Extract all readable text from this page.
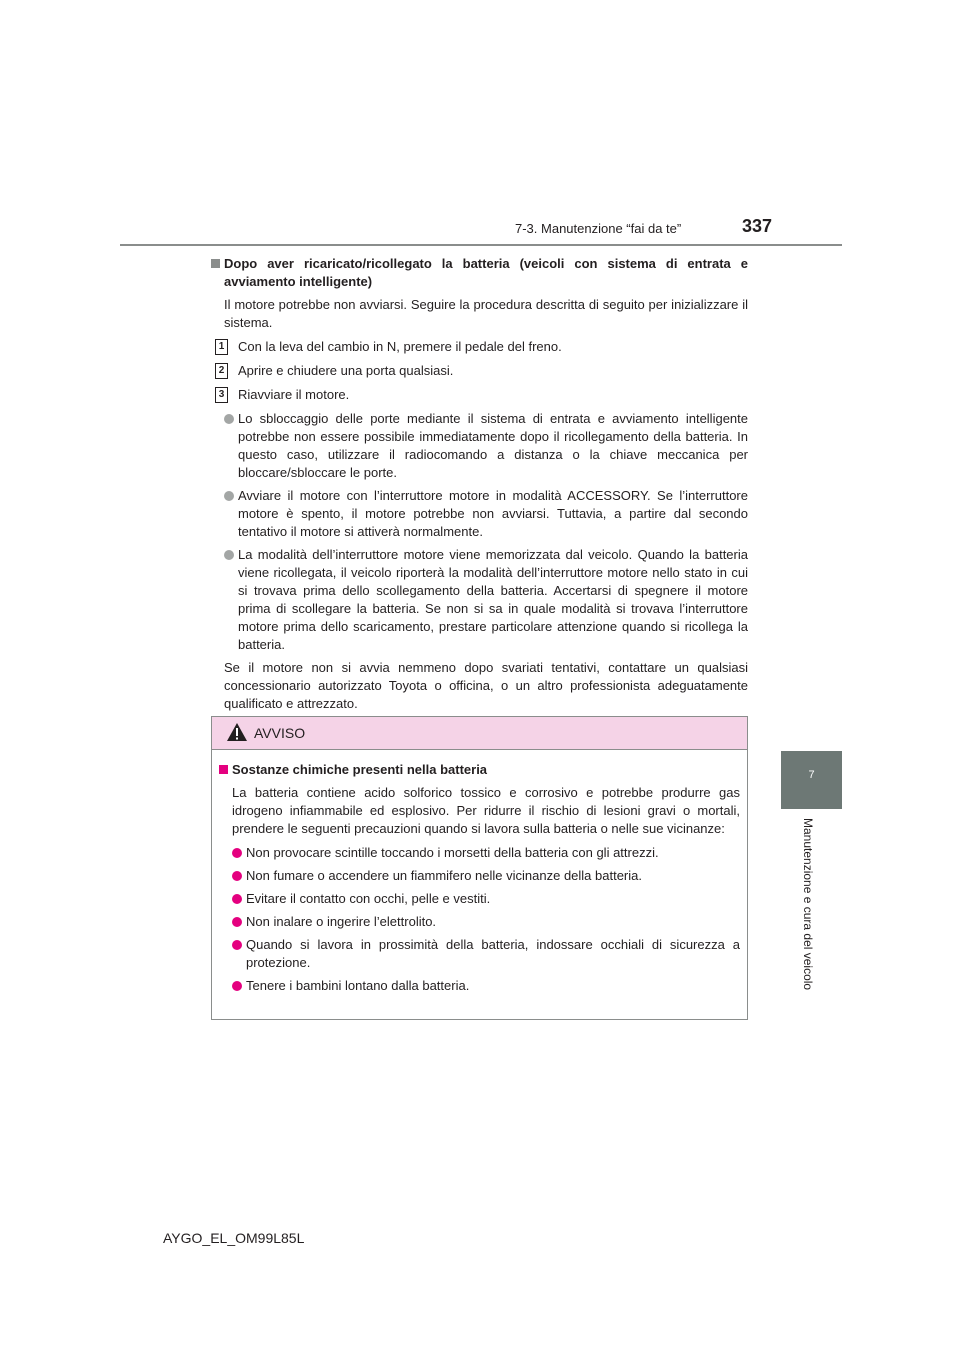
7-3. Manutenzione “fai da te”	337
7
Manutenzione e cura del veicolo
Dopo aver ricaricato/ricollegato la batteria (veicoli con sistema di entrata e avviamento intelligente)
Il motore potrebbe non avviarsi. Seguire la procedura descritta di seguito per inizializzare il sistema.
1 Con la leva del cambio in N, premere il pedale del freno.
2 Aprire e chiudere una porta qualsiasi.
3 Riavviare il motore.
Lo sbloccaggio delle porte mediante il sistema di entrata e avviamento intelligente potrebbe non essere possibile immediatamente dopo il ricollegamento della batteria. In questo caso, utilizzare il radiocomando a distanza o la chiave meccanica per bloccare/sbloccare le porte.
Avviare il motore con l’interruttore motore in modalità ACCESSORY. Se l’interruttore motore è spento, il motore potrebbe non avviarsi. Tuttavia, a partire dal secondo tentativo il motore si attiverà normalmente.
La modalità dell’interruttore motore viene memorizzata dal veicolo. Quando la batteria viene ricollegata, il veicolo riporterà la modalità dell’interruttore motore nello stato in cui si trovava prima dello scollegamento della batteria. Accertarsi di spegnere il motore prima di scollegare la batteria. Se non si sa in quale modalità si trovava l’interruttore motore prima dello scaricamento, prestare particolare attenzione quando si ricollega la batteria.
Se il motore non si avvia nemmeno dopo svariati tentativi, contattare un qualsiasi concessionario autorizzato Toyota o officina, o un altro professionista adeguatamente qualificato e attrezzato.
AVVISO
Sostanze chimiche presenti nella batteria
La batteria contiene acido solforico tossico e corrosivo e potrebbe produrre gas idrogeno infiammabile ed esplosivo. Per ridurre il rischio di lesioni gravi o mortali, prendere le seguenti precauzioni quando si lavora sulla batteria o nelle sue vicinanze:
Non provocare scintille toccando i morsetti della batteria con gli attrezzi.
Non fumare o accendere un fiammifero nelle vicinanze della batteria.
Evitare il contatto con occhi, pelle e vestiti.
Non inalare o ingerire l’elettrolito.
Quando si lavora in prossimità della batteria, indossare occhiali di sicurezza a protezione.
Tenere i bambini lontano dalla batteria.
AYGO_EL_OM99L85L
